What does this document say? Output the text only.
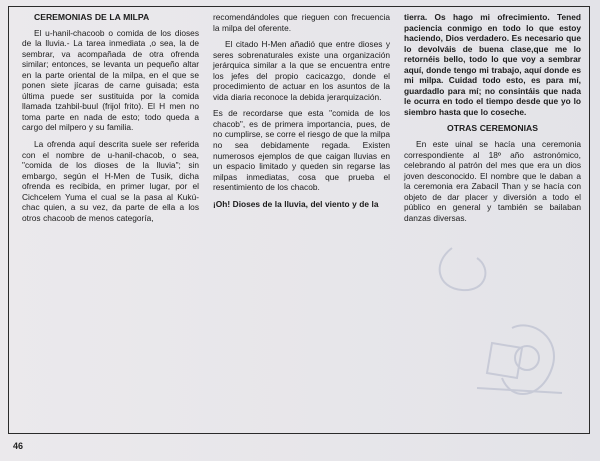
CEREMONIAS DE LA MILPA

El u-hanil-chacoob o comida de los dioses de la lluvia.- La tarea inmediata ,o sea, la de sembrar, va acompañada de otra ofrenda similar; entonces, se levanta un pequeño altar en la parte oriental de la milpa, en el que se ponen siete jícaras de carne guisada; esta última puede ser sustituida por la comida llamada tzahbil-buul (frijol frito). El H men no toma parte en nada de esto; todo queda a cargo del milpero y su familia.

La ofrenda aquí descrita suele ser referida con el nombre de u-hanil-chacob, o sea, "comida de los dioses de la lluvia"; sin embargo, según el H-Men de Tusik, dicha ofrenda es recibida, en primer lugar, por el Cichcelem Yuma el cual se la pasa al Kukú-chac quien, a su vez, da parte de ella a los otros chacoob de menos categoría,

recomendándoles que rieguen con frecuencia la milpa del oferente.

El citado H-Men añadió que entre dioses y seres sobrenaturales existe una organización jerárquica similar a la que se encuentra entre los jefes del propio cacicazgo, donde el procedimiento de actuar en los asuntos de la vida diaria reconoce la debida jerarquización.

Es de recordarse que esta "comida de los chacob", es de primera importancia, pues, de no cumplirse, se corre el riesgo de que la milpa no sea debidamente regada. Existen numerosos ejemplos de que caigan lluvias en un espacio limitado y queden sin regarse las milpas inmediatas, cosa que prueba el resentimiento de los chacob.

¡Oh! Dioses de la lluvia, del viento y de la

tierra. Os hago mi ofrecimiento. Tened paciencia conmigo en todo lo que estoy haciendo, Dios verdadero. Es necesario que lo devolváis de buena clase,que me lo retornéis bello, todo lo que voy a sembrar aquí, donde tengo mi trabajo, aquí donde es mi milpa. Cuidad todo esto, es para mí, guardadlo para mí; no consintáis que nada le ocurra en todo el tiempo desde que yo lo siembro hasta que lo coseche.

OTRAS CEREMONIAS

En este uinal se hacía una ceremonia correspondiente al 18º año astronómico, celebrando al patrón del mes que era un dios joven desconocido. El nombre que le daban a la ceremonia era Zabacil Than y se hacía con objeto de dar placer y diversión a todo el público en general y también se bailaban danzas diversas.

46
